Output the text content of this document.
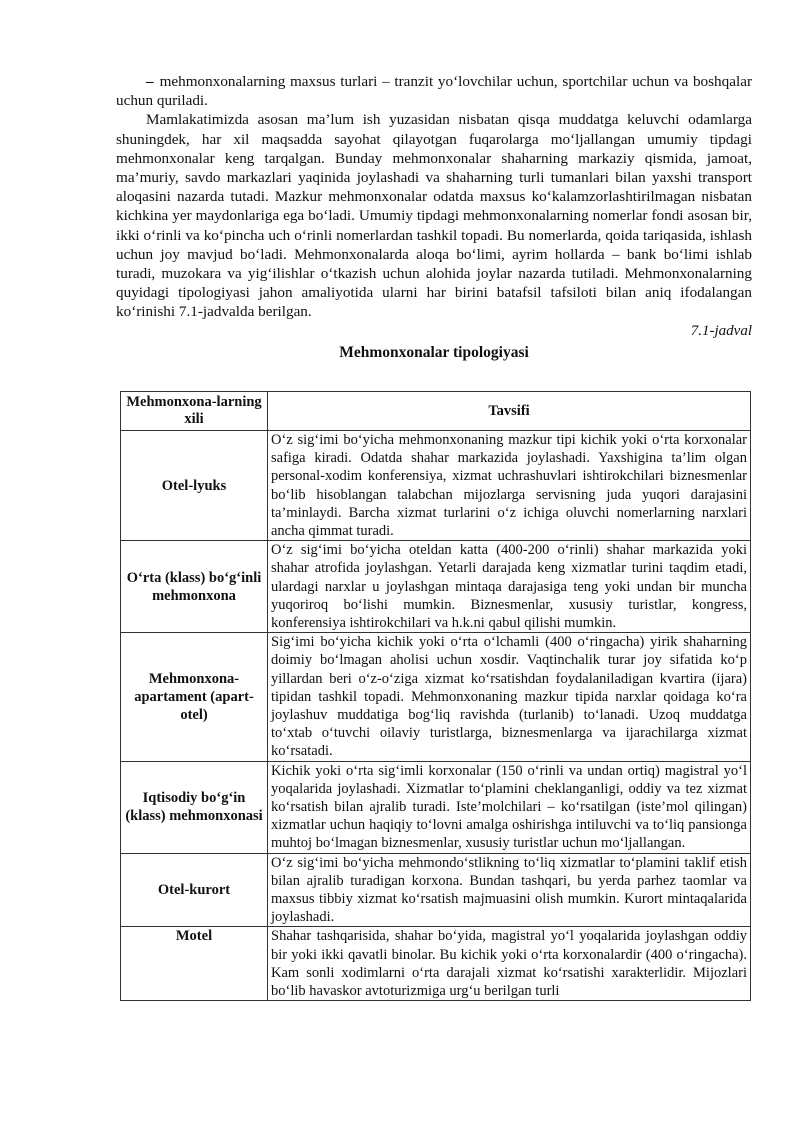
– mehmonxonalarning maxsus turlari – tranzit yo‘lovchilar uchun, sportchilar uchun va boshqalar uchun quriladi.

Mamlakatimizda asosan ma’lum ish yuzasidan nisbatan qisqa muddatga keluvchi odamlarga shuningdek, har xil maqsadda sayohat qilayotgan fuqarolarga mo‘ljallangan umumiy tipdagi mehmonxonalar keng tarqalgan. Bunday mehmonxonalar shaharning markaziy qismida, jamoat, ma’muriy, savdo markazlari yaqinida joylashadi va shaharning turli tumanlari bilan yaxshi transport aloqasini nazarda tutadi. Mazkur mehmonxonalar odatda maxsus ko‘kalamzorlashtirilmagan nisbatan kichkina yer maydonlariga ega bo‘ladi. Umumiy tipdagi mehmonxonalarning nomerlar fondi asosan bir, ikki o‘rinli va ko‘pincha uch o‘rinli nomerlardan tashkil topadi. Bu nomerlarda, qoida tariqasida, ishlash uchun joy mavjud bo‘ladi. Mehmonxonalarda aloqa bo‘limi, ayrim hollarda – bank bo‘limi ishlab turadi, muzokara va yig‘ilishlar o‘tkazish uchun alohida joylar nazarda tutiladi. Mehmonxonalarning quyidagi tipologiyasi jahon amaliyotida ularni har birini batafsil tafsiloti bilan aniq ifodalangan ko‘rinishi 7.1-jadvalda berilgan.

7.1-jadval

Mehmonxonalar tipologiyasi

Mehmonxona-larning xili	Tavsifi
Otel-lyuks	O‘z sig‘imi bo‘yicha mehmonxonaning mazkur tipi kichik yoki o‘rta korxonalar safiga kiradi. Odatda shahar markazida joylashadi. Yaxshigina ta’lim olgan personal-xodim konferensiya, xizmat uchrashuvlari ishtirokchilari biznesmenlar bo‘lib hisoblangan talabchan mijozlarga servisning juda yuqori darajasini ta’minlaydi. Barcha xizmat turlarini o‘z ichiga oluvchi nomerlarning narxlari ancha qimmat turadi.
O‘rta (klass) bo‘g‘inli mehmonxona	O‘z sig‘imi bo‘yicha oteldan katta (400-200 o‘rinli) shahar markazida yoki shahar atrofida joylashgan. Yetarli darajada keng xizmatlar turini taqdim etadi, ulardagi narxlar u joylashgan mintaqa darajasiga teng yoki undan bir muncha yuqoriroq bo‘lishi mumkin. Biznesmenlar, xususiy turistlar, kongress, konferensiya ishtirokchilari va h.k.ni qabul qilishi mumkin.
Mehmonxona-apartament (apart-otel)	Sig‘imi bo‘yicha kichik yoki o‘rta o‘lchamli (400 o‘ringacha) yirik shaharning doimiy bo‘lmagan aholisi uchun xosdir. Vaqtinchalik turar joy sifatida ko‘p yillardan beri o‘z-o‘ziga xizmat ko‘rsatishdan foydalaniladigan kvartira (ijara) tipidan tashkil topadi. Mehmonxonaning mazkur tipida narxlar qoidaga ko‘ra joylashuv muddatiga bog‘liq ravishda (turlanib) to‘lanadi. Uzoq muddatga to‘xtab o‘tuvchi oilaviy turistlarga, biznesmenlarga va ijarachilarga xizmat ko‘rsatadi.
Iqtisodiy bo‘g‘in (klass) mehmonxonasi	Kichik yoki o‘rta sig‘imli korxonalar (150 o‘rinli va undan ortiq) magistral yo‘l yoqalarida joylashadi. Xizmatlar to‘plamini cheklanganligi, oddiy va tez xizmat ko‘rsatish bilan ajralib turadi. Iste’molchilari – ko‘rsatilgan (iste’mol qilingan) xizmatlar uchun haqiqiy to‘lovni amalga oshirishga intiluvchi va to‘liq pansionga muhtoj bo‘lmagan biznesmenlar, xususiy turistlar uchun mo‘ljallangan.
Otel-kurort	O‘z sig‘imi bo‘yicha mehmondo‘stlikning to‘liq xizmatlar to‘plamini taklif etish bilan ajralib turadigan korxona. Bundan tashqari, bu yerda parhez taomlar va maxsus tibbiy xizmat ko‘rsatish majmuasini olish mumkin. Kurort mintaqalarida joylashadi.
Motel	Shahar tashqarisida, shahar bo‘yida, magistral yo‘l yoqalarida joylashgan oddiy bir yoki ikki qavatli binolar. Bu kichik yoki o‘rta korxonalardir (400 o‘ringacha). Kam sonli xodimlarni o‘rta darajali xizmat ko‘rsatishi xarakterlidir. Mijozlari bo‘lib havaskor avtoturizmiga urg‘u berilgan turli
